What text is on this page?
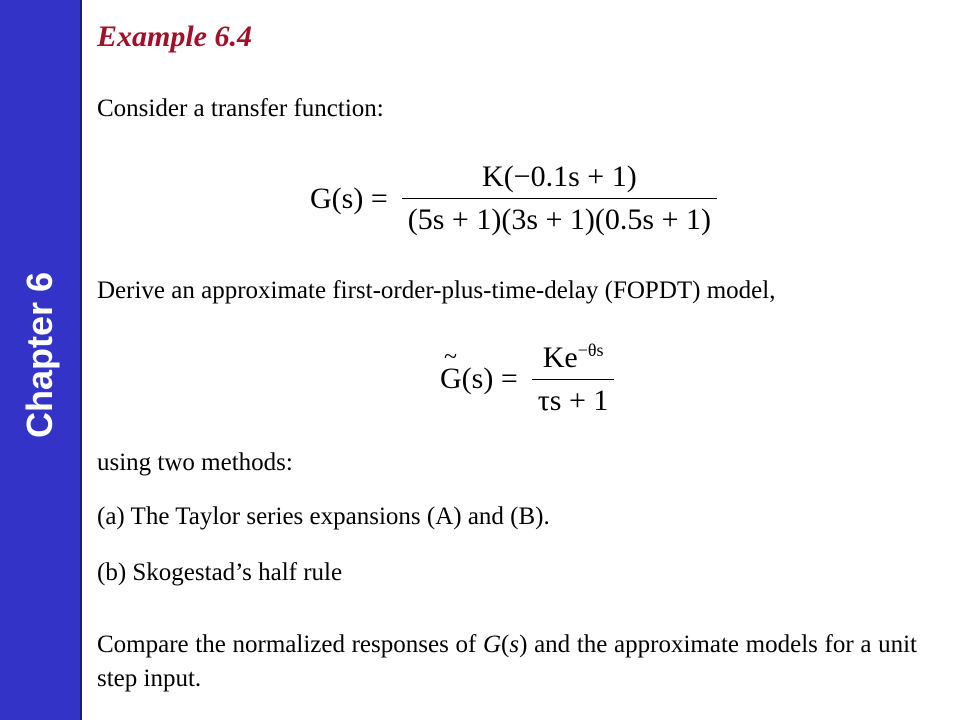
Chapter 6
Example 6.4
Consider a transfer function:
$G(s) = \frac{K(-0.1s + 1)}{(5s + 1)(3s + 1)(0.5s + 1)}$
Derive an approximate first-order-plus-time-delay (FOPDT) model,
~ $G(s) = \frac{Ke^{-\theta s}}{\tau s + 1}$
using two methods:
(a) The Taylor series expansions (A) and (B).
(b) Skogestad’s half rule
Compare the normalized responses of G(s) and the approximate models for a unit step input.
